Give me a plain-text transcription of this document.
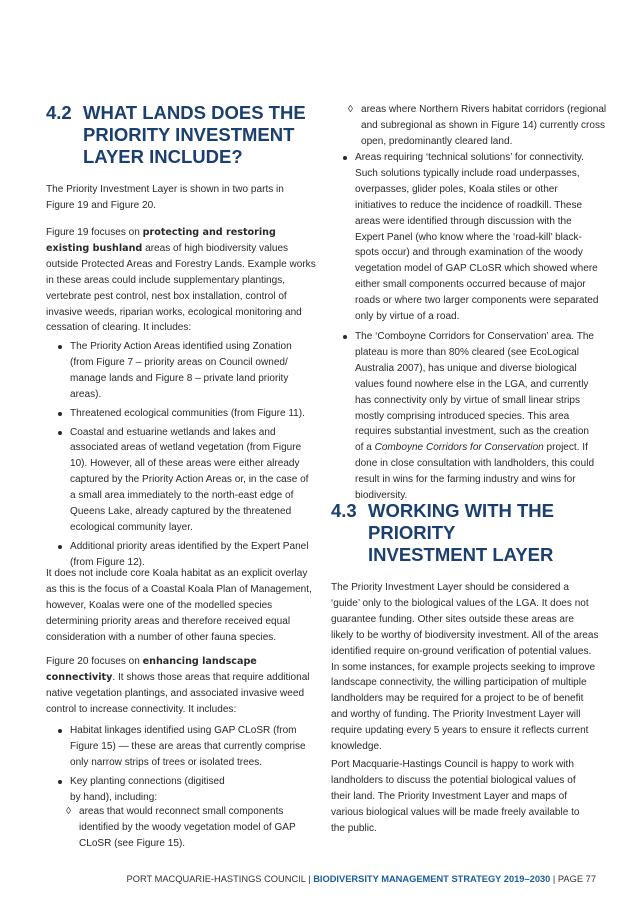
4.2 WHAT LANDS DOES THE PRIORITY INVESTMENT LAYER INCLUDE?

The Priority Investment Layer is shown in two parts in Figure 19 and Figure 20.

Figure 19 focuses on protecting and restoring existing bushland areas of high biodiversity values outside Protected Areas and Forestry Lands. Example works in these areas could include supplementary plantings, vertebrate pest control, nest box installation, control of invasive weeds, riparian works, ecological monitoring and cessation of clearing. It includes:

The Priority Action Areas identified using Zonation (from Figure 7 – priority areas on Council owned/ manage lands and Figure 8 – private land priority areas).
Threatened ecological communities (from Figure 11).
Coastal and estuarine wetlands and lakes and associated areas of wetland vegetation (from Figure 10). However, all of these areas were either already captured by the Priority Action Areas or, in the case of a small area immediately to the north-east edge of Queens Lake, already captured by the threatened ecological community layer.
Additional priority areas identified by the Expert Panel (from Figure 12).

It does not include core Koala habitat as an explicit overlay as this is the focus of a Coastal Koala Plan of Management, however, Koalas were one of the modelled species determining priority areas and therefore received equal consideration with a number of other fauna species.

Figure 20 focuses on enhancing landscape connectivity. It shows those areas that require additional native vegetation plantings, and associated invasive weed control to increase connectivity. It includes:

Habitat linkages identified using GAP CLoSR (from Figure 15) — these are areas that currently comprise only narrow strips of trees or isolated trees.
Key planting connections (digitised by hand), including:
◊ areas that would reconnect small components identified by the woody vegetation model of GAP CLoSR (see Figure 15).
◊ areas where Northern Rivers habitat corridors (regional and subregional as shown in Figure 14) currently cross open, predominantly cleared land.
Areas requiring ‘technical solutions’ for connectivity. Such solutions typically include road underpasses, overpasses, glider poles, Koala stiles or other initiatives to reduce the incidence of roadkill. These areas were identified through discussion with the Expert Panel (who know where the ‘road-kill’ black-spots occur) and through examination of the woody vegetation model of GAP CLoSR which showed where either small components occurred because of major roads or where two larger components were separated only by virtue of a road.
The ‘Comboyne Corridors for Conservation’ area. The plateau is more than 80% cleared (see EcoLogical Australia 2007), has unique and diverse biological values found nowhere else in the LGA, and currently has connectivity only by virtue of small linear strips mostly comprising introduced species. This area requires substantial investment, such as the creation of a Comboyne Corridors for Conservation project. If done in close consultation with landholders, this could result in wins for the farming industry and wins for biodiversity.
4.3 WORKING WITH THE PRIORITY INVESTMENT LAYER

The Priority Investment Layer should be considered a ‘guide’ only to the biological values of the LGA. It does not guarantee funding. Other sites outside these areas are likely to be worthy of biodiversity investment. All of the areas identified require on-ground verification of potential values. In some instances, for example projects seeking to improve landscape connectivity, the willing participation of multiple landholders may be required for a project to be of benefit and worthy of funding. The Priority Investment Layer will require updating every 5 years to ensure it reflects current knowledge.

Port Macquarie-Hastings Council is happy to work with landholders to discuss the potential biological values of their land. The Priority Investment Layer and maps of various biological values will be made freely available to the public.

PORT MACQUARIE-HASTINGS COUNCIL | BIODIVERSITY MANAGEMENT STRATEGY 2019–2030 | PAGE 77
